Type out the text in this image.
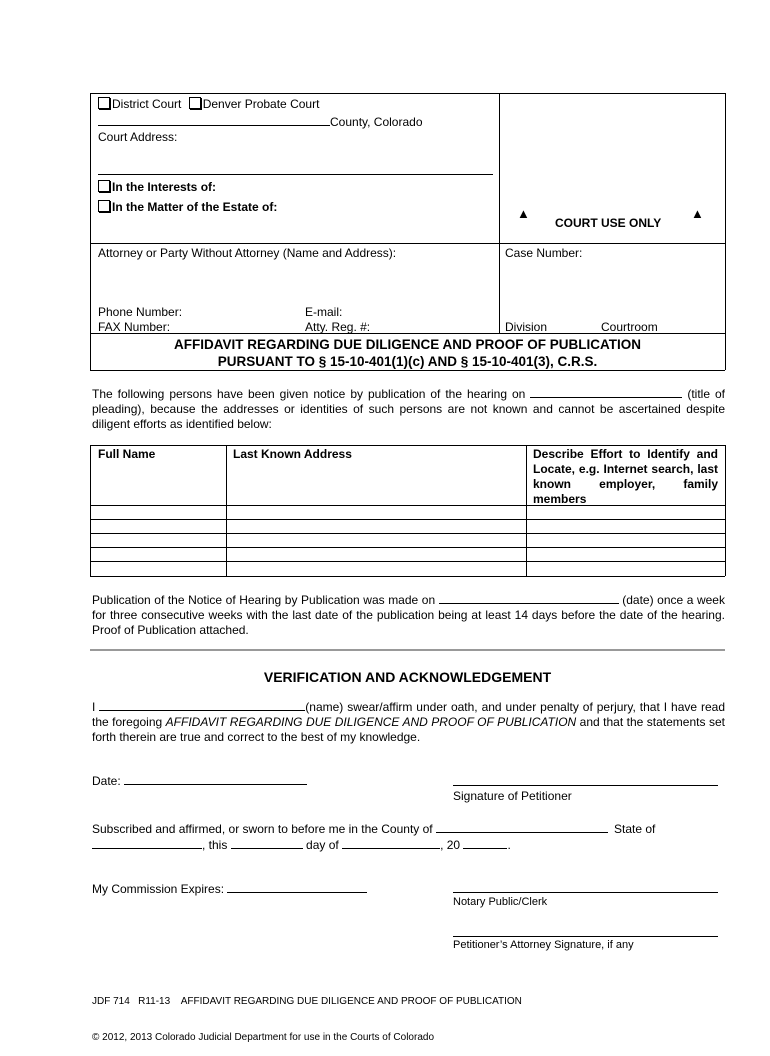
District Court Denver Probate Court
County, Colorado
Court Address:
In the Interests of:
In the Matter of the Estate of:	▲
COURT USE ONLY
▲
Attorney or Party Without Attorney (Name and Address):	Case Number:
Phone Number:	E-mail:
FAX Number:	Atty. Reg. #:	Division	Courtroom
AFFIDAVIT REGARDING DUE DILIGENCE AND PROOF OF PUBLICATION
PURSUANT TO § 15-10-401(1)(c) AND § 15-10-401(3), C.R.S.
The following persons have been given notice by publication of the hearing on	(title of pleading), because the addresses or identities of such persons are not known and cannot be ascertained despite diligent efforts as identified below:
Full Name	Last Known Address	Describe Effort to Identify and Locate, e.g. Internet search, last known employer, family members
Publication of the Notice of Hearing by Publication was made on	(date) once a week for three consecutive weeks with the last date of the publication being at least 14 days before the date of the hearing. Proof of Publication attached.
VERIFICATION AND ACKNOWLEDGEMENT
I	(name) swear/affirm under oath, and under penalty of perjury, that I have read the foregoing AFFIDAVIT REGARDING DUE DILIGENCE AND PROOF OF PUBLICATION and that the statements set forth therein are true and correct to the best of my knowledge.
Date:
Signature of Petitioner
Subscribed and affirmed, or sworn to before me in the County of	State of
, this	day of	, 20	.
My Commission Expires:
Notary Public/Clerk
Petitioner’s Attorney Signature, if any

JDF 714   R11-13    AFFIDAVIT REGARDING DUE DILIGENCE AND PROOF OF PUBLICATION

© 2012, 2013 Colorado Judicial Department for use in the Courts of Colorado
